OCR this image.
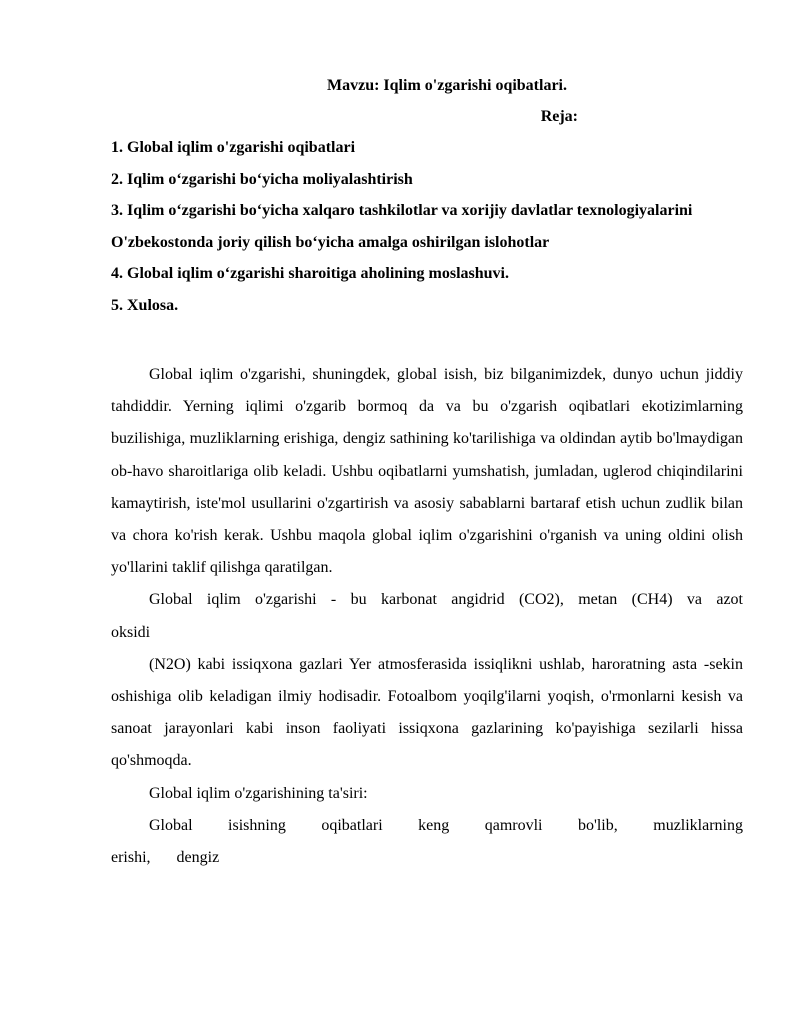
Mavzu: Iqlim o'zgarishi oqibatlari.

Reja:

1. Global iqlim o'zgarishi oqibatlari
2. Iqlim o‘zgarishi bo‘yicha moliyalashtirish
3. Iqlim o‘zgarishi bo‘yicha xalqaro tashkilotlar va xorijiy davlatlar texnologiyalarini O'zbekostonda joriy qilish bo‘yicha amalga oshirilgan islohotlar
4. Global iqlim o‘zgarishi sharoitiga aholining moslashuvi.
5. Xulosa.

Global iqlim o'zgarishi, shuningdek, global isish, biz bilganimizdek, dunyo uchun jiddiy tahdiddir. Yerning iqlimi o'zgarib bormoq da va bu o'zgarish oqibatlari ekotizimlarning buzilishiga, muzliklarning erishiga, dengiz sathining ko'tarilishiga va oldindan aytib bo'lmaydigan ob-havo sharoitlariga olib keladi. Ushbu oqibatlarni yumshatish, jumladan, uglerod chiqindilarini kamaytirish, iste'mol usullarini o'zgartirish va asosiy sabablarni bartaraf etish uchun zudlik bilan va chora ko'rish kerak. Ushbu maqola global iqlim o'zgarishini o'rganish va uning oldini olish yo'llarini taklif qilishga qaratilgan.

Global iqlim o'zgarishi - bu karbonat angidrid (CO2), metan (CH4) va azot oksidi

(N2O) kabi issiqxona gazlari Yer atmosferasida issiqlikni ushlab, haroratning asta -sekin oshishiga olib keladigan ilmiy hodisadir. Fotoalbom yoqilg'ilarni yoqish, o'rmonlarni kesish va sanoat jarayonlari kabi inson faoliyati issiqxona gazlarining ko'payishiga sezilarli hissa qo'shmoqda.

Global iqlim o'zgarishining ta'siri:

Global isishning oqibatlari keng qamrovli bo'lib, muzliklarning erishi, dengiz
